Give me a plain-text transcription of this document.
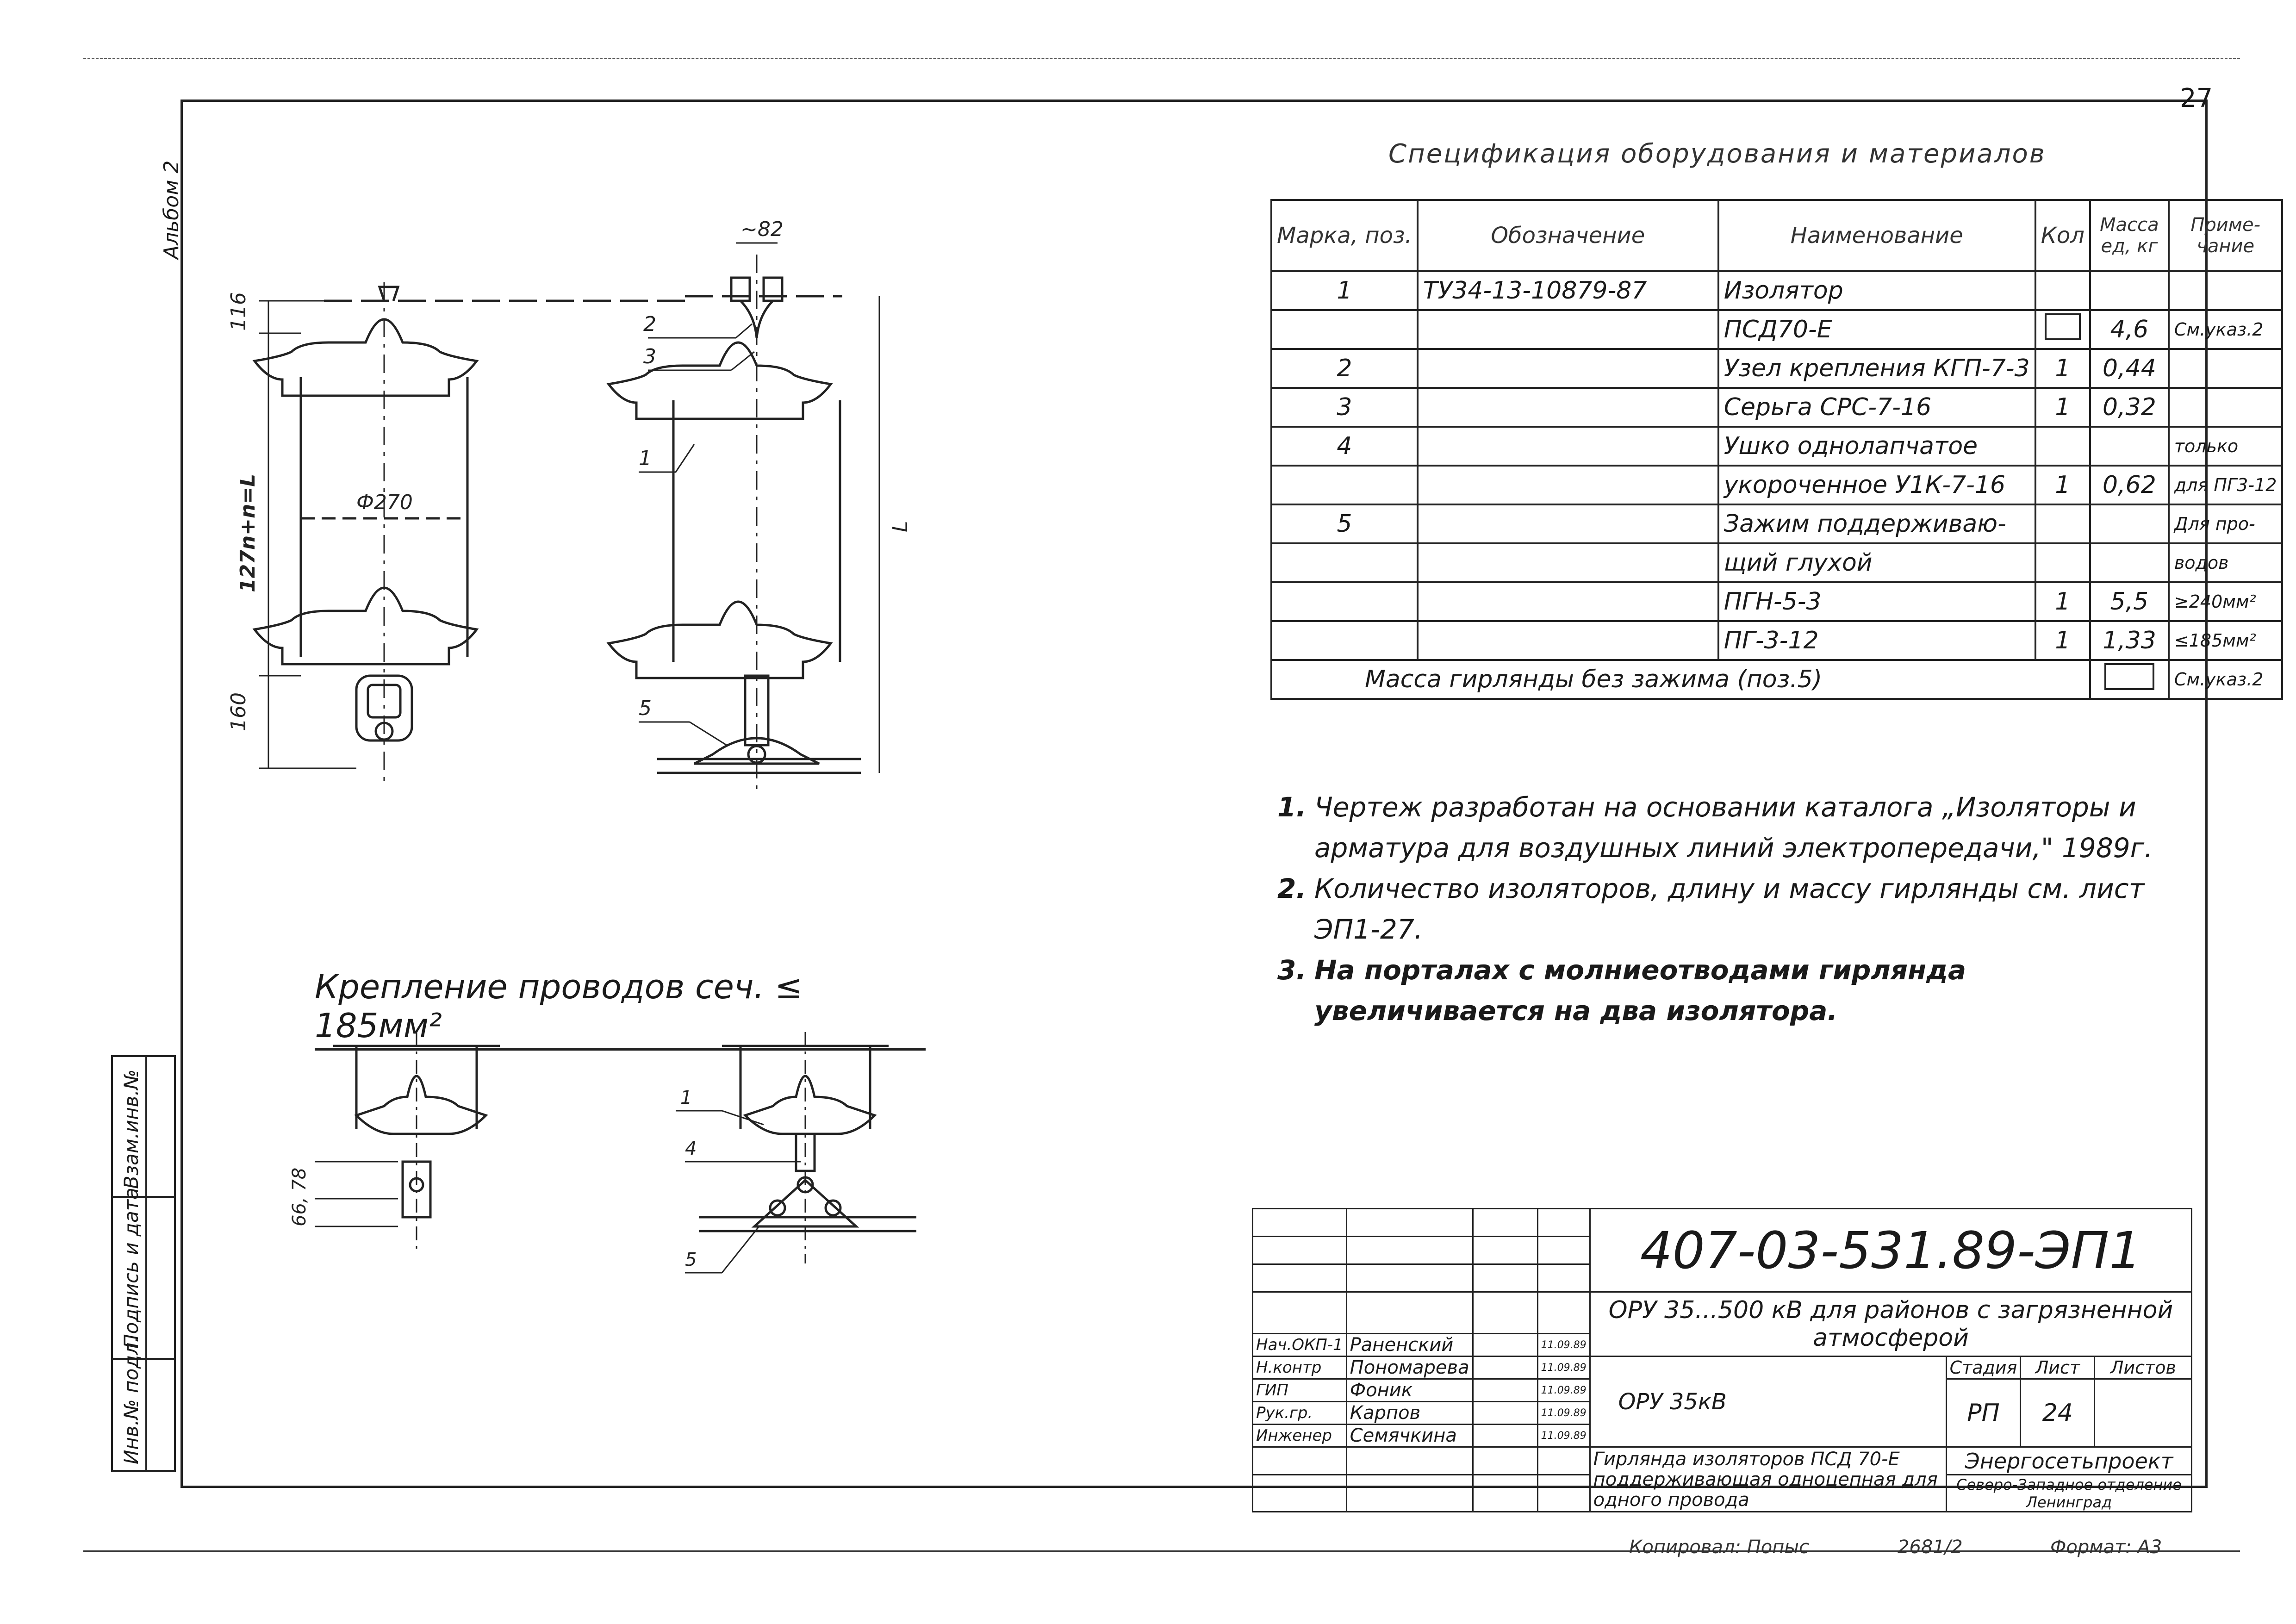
27
Альбом 2
Спецификация оборудования и материалов
Марка, поз.	Обозначение	Наименование	Кол	Масса ед, кг	Приме-чание
1	ТУ34-13-10879-87	Изолятор			
		ПСД70-Е		4,6	См.указ.2
2		Узел крепления КГП-7-3	1	0,44	
3		Серьга СРС-7-16	1	0,32	
4		Ушко однолапчатое			только
		укороченное У1К-7-16	1	0,62	для ПГ3-12
5		Зажим поддерживаю-			Для про-
		щий глухой			водов
		ПГН-5-3	1	5,5	≥240мм²
		ПГ-3-12	1	1,33	≤185мм²
Масса гирлянды без зажима (поз.5)					См.указ.2
1. Чертеж разработан на основании каталога „Изоляторы и арматура для воздушных линий электропередачи," 1989г.
2. Количество изоляторов, длину и массу гирлянды см. лист ЭП1-27.
3. На порталах с молниеотводами гирлянда увеличивается на два изолятора.
116
127n+n=L
160
Ф270
~82
L
2
3
1
5
Крепление проводов сеч. ≤ 185мм²
66, 78
1
4
5
Инв.№ подл.
Подпись и дата
Взам.инв.№
				407-03-531.89-ЭП1			

				ОРУ 35...500 кВ для районов с загрязненной атмосферой			
Нач.ОКП-1	Раненский		11.09.89				
Н.контр	Пономарева		11.09.89	ОРУ 35кВ	Стадия	Лист	Листов
ГИП	Фоник		11.09.89		РП	24	
Рук.гр.	Карпов		11.09.89				
Инженер	Семячкина		11.09.89				
				Гирлянда изоляторов ПСД 70-Е поддерживающая одноцепная для одного провода	Энергосетьпроект		

					Северо-Западное отделение
Ленинград		
Копировал: Попыс	2681/2	Формат: А3
